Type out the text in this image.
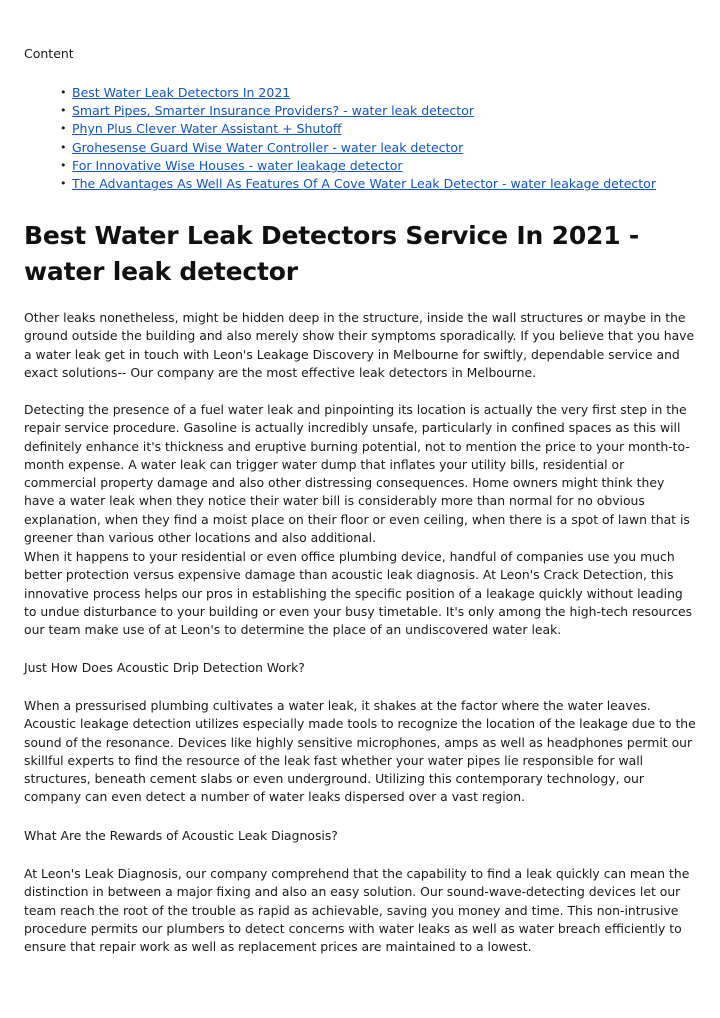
Content
• Best Water Leak Detectors In 2021
• Smart Pipes, Smarter Insurance Providers? - water leak detector
• Phyn Plus Clever Water Assistant + Shutoff
• Grohesense Guard Wise Water Controller - water leak detector
• For Innovative Wise Houses - water leakage detector
• The Advantages As Well As Features Of A Cove Water Leak Detector - water leakage detector
Best Water Leak Detectors Service In 2021 - water leak detector

Other leaks nonetheless, might be hidden deep in the structure, inside the wall structures or maybe in the ground outside the building and also merely show their symptoms sporadically. If you believe that you have a water leak get in touch with Leon's Leakage Discovery in Melbourne for swiftly, dependable service and exact solutions-- Our company are the most effective leak detectors in Melbourne.

Detecting the presence of a fuel water leak and pinpointing its location is actually the very first step in the repair service procedure. Gasoline is actually incredibly unsafe, particularly in confined spaces as this will definitely enhance it's thickness and eruptive burning potential, not to mention the price to your month-to-month expense. A water leak can trigger water dump that inflates your utility bills, residential or commercial property damage and also other distressing consequences. Home owners might think they have a water leak when they notice their water bill is considerably more than normal for no obvious explanation, when they find a moist place on their floor or even ceiling, when there is a spot of lawn that is greener than various other locations and also additional.

When it happens to your residential or even office plumbing device, handful of companies use you much better protection versus expensive damage than acoustic leak diagnosis. At Leon's Crack Detection, this innovative process helps our pros in establishing the specific position of a leakage quickly without leading to undue disturbance to your building or even your busy timetable. It's only among the high-tech resources our team make use of at Leon's to determine the place of an undiscovered water leak.

Just How Does Acoustic Drip Detection Work?

When a pressurised plumbing cultivates a water leak, it shakes at the factor where the water leaves. Acoustic leakage detection utilizes especially made tools to recognize the location of the leakage due to the sound of the resonance. Devices like highly sensitive microphones, amps as well as headphones permit our skillful experts to find the resource of the leak fast whether your water pipes lie responsible for wall structures, beneath cement slabs or even underground. Utilizing this contemporary technology, our company can even detect a number of water leaks dispersed over a vast region.

What Are the Rewards of Acoustic Leak Diagnosis?

At Leon's Leak Diagnosis, our company comprehend that the capability to find a leak quickly can mean the distinction in between a major fixing and also an easy solution. Our sound-wave-detecting devices let our team reach the root of the trouble as rapid as achievable, saving you money and time. This non-intrusive procedure permits our plumbers to detect concerns with water leaks as well as water breach efficiently to ensure that repair work as well as replacement prices are maintained to a lowest.
